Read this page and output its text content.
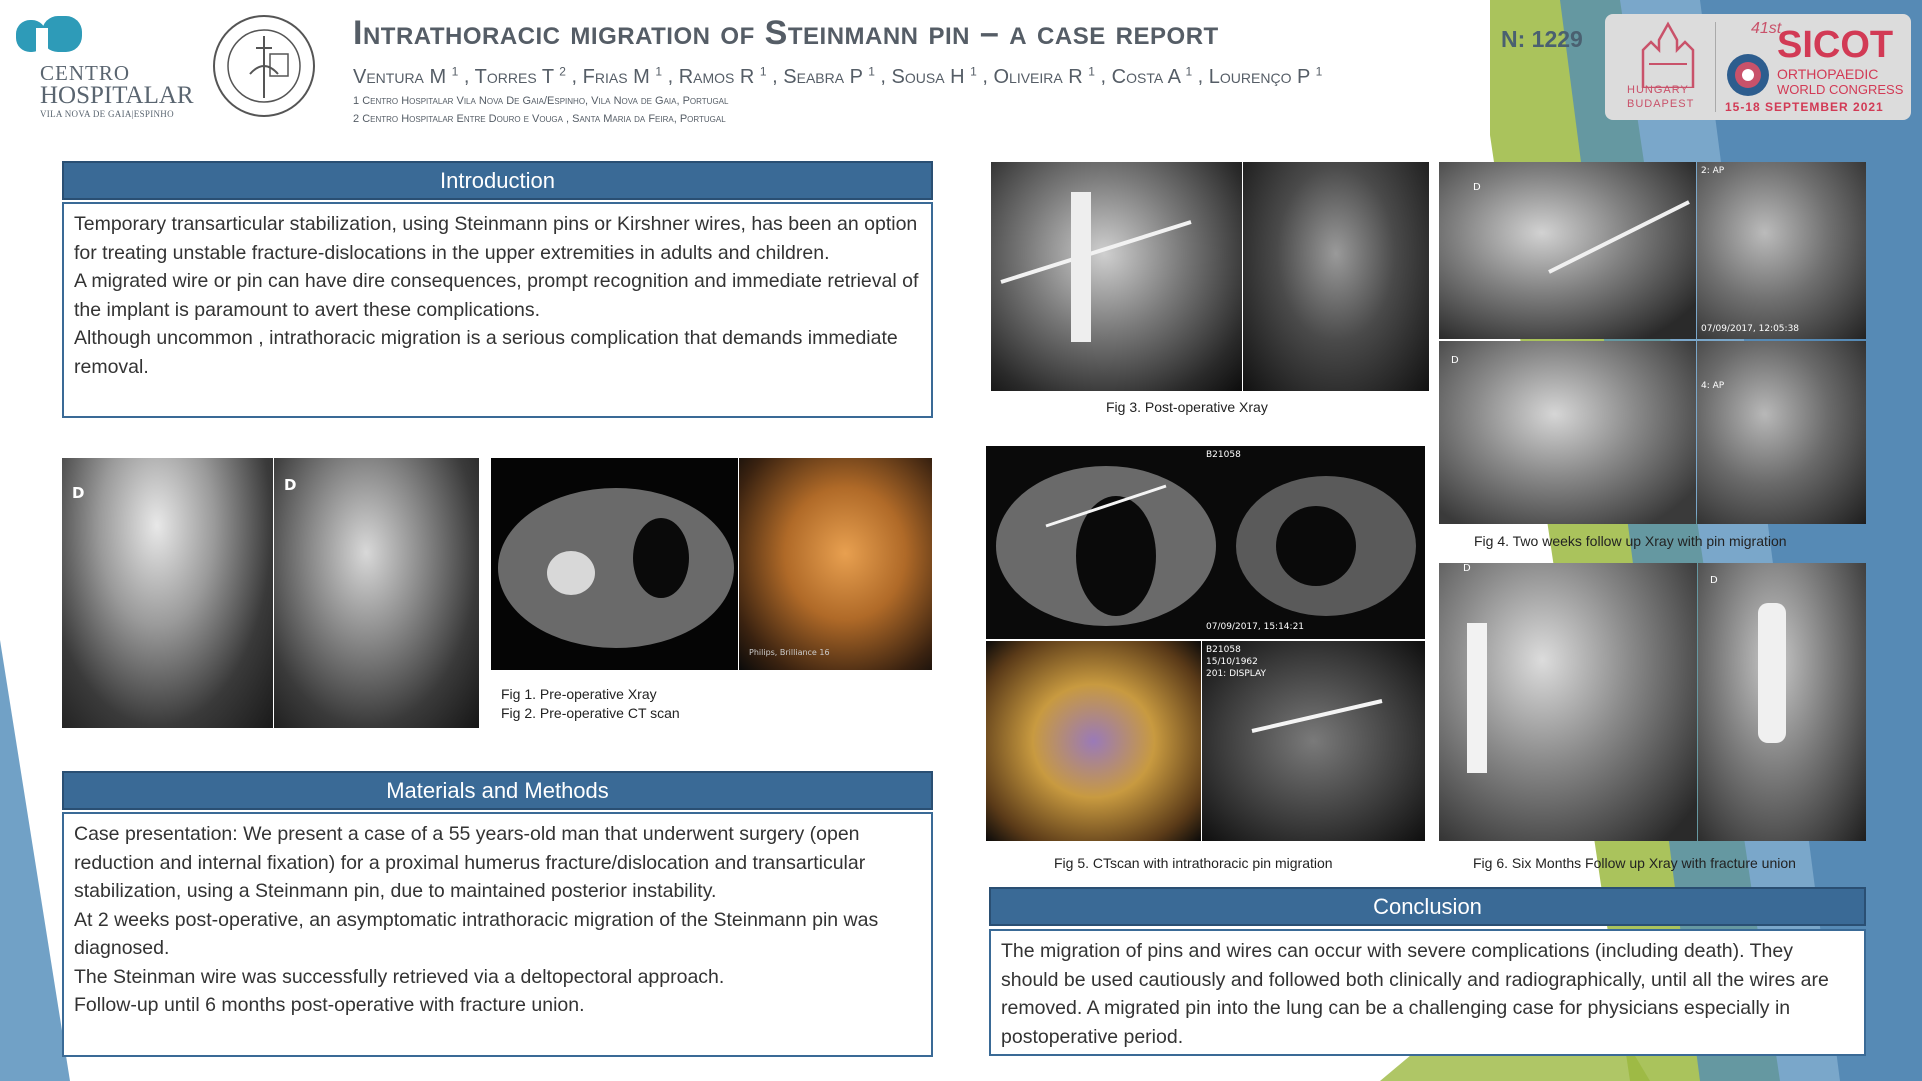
CENTRO
HOSPITALAR
VILA NOVA DE GAIA|ESPINHO
Intrathoracic migration of Steinmann pin – a case report
Ventura M $^1$ , Torres T $^2$ , Frias M $^1$ , Ramos R $^1$ , Seabra P $^1$ , Sousa H $^1$ , Oliveira R $^1$ , Costa A $^1$ , Lourenço P $^1$
1 Centro Hospitalar Vila Nova De Gaia/Espinho, Vila Nova de Gaia, Portugal
2 Centro Hospitalar Entre Douro e Vouga , Santa Maria da Feira, Portugal
N: 1229
HUNGARY
BUDAPEST
41st
SICOT
ORTHOPAEDIC
WORLD CONGRESS
15-18 SEPTEMBER 2021
Introduction

Temporary transarticular stabilization, using Steinmann pins or Kirshner wires, has been an option for treating unstable fracture-dislocations in the upper extremities in adults and children.

A migrated wire or pin can have dire consequences, prompt recognition and immediate retrieval of the implant is paramount to avert these complications.

Although uncommon , intrathoracic migration is a serious complication that demands immediate removal.

D	D
Philips, Brilliance 16
Fig 1. Pre-operative Xray
Fig 2. Pre-operative CT scan
Materials and Methods

Case presentation: We present a case of a 55 years-old man that underwent surgery (open reduction and internal fixation) for a proximal humerus fracture/dislocation and transarticular stabilization, using a Steinmann pin, due to maintained posterior instability.

At 2 weeks post-operative, an asymptomatic intrathoracic migration of the Steinmann pin was diagnosed.

The Steinman wire was successfully retrieved via a deltopectoral approach.

Follow-up until 6 months post-operative with fracture union.

Fig 3. Post-operative Xray
D
2: AP
07/09/2017, 12:05:38
D
4: AP
Fig 4. Two weeks follow up Xray with pin migration
B21058
07/09/2017, 15:14:21
B21058
15/10/1962
201: DISPLAY
Fig 5. CTscan with intrathoracic pin migration
D
D
Fig 6. Six Months Follow up Xray with fracture union
Conclusion

The migration of pins and wires can occur with severe complications (including death). They should be used cautiously and followed both clinically and radiographically, until all the wires are removed. A migrated pin into the lung can be a challenging case for physicians especially in postoperative period.
